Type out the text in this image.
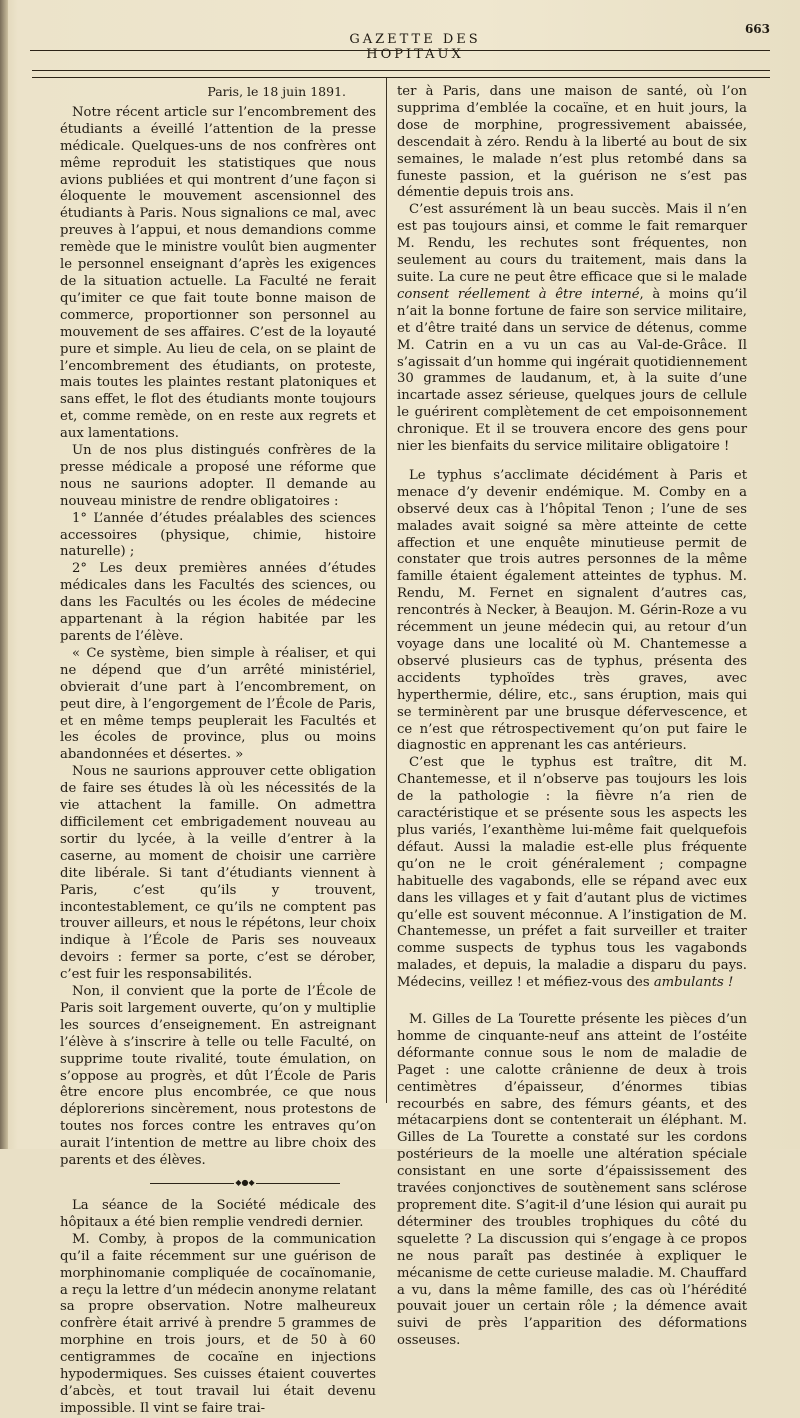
GAZETTE DES HOPITAUX
663

Paris, le 18 juin 1891.

Notre récent article sur l’encombrement des étudiants a éveillé l’attention de la presse médicale. Quelques-uns de nos confrères ont même reproduit les statistiques que nous avions publiées et qui montrent d’une façon si éloquente le mouvement ascensionnel des étudiants à Paris. Nous signalions ce mal, avec preuves à l’appui, et nous demandions comme remède que le ministre voulût bien augmenter le personnel enseignant d’après les exigences de la situation actuelle. La Faculté ne ferait qu’imiter ce que fait toute bonne maison de commerce, proportionner son personnel au mouvement de ses affaires. C’est de la loyauté pure et simple. Au lieu de cela, on se plaint de l’encombrement des étudiants, on proteste, mais toutes les plaintes restant platoniques et sans effet, le flot des étudiants monte toujours et, comme remède, on en reste aux regrets et aux lamentations.

Un de nos plus distingués confrères de la presse médicale a proposé une réforme que nous ne saurions adopter. Il demande au nouveau ministre de rendre obligatoires :

1° L’année d’études préalables des sciences accessoires (physique, chimie, histoire naturelle) ;

2° Les deux premières années d’études médicales dans les Facultés des sciences, ou dans les Facultés ou les écoles de médecine appartenant à la région habitée par les parents de l’élève.

« Ce système, bien simple à réaliser, et qui ne dépend que d’un arrêté ministériel, obvierait d’une part à l’encombrement, on peut dire, à l’engorgement de l’École de Paris, et en même temps peuplerait les Facultés et les écoles de province, plus ou moins abandonnées et désertes. »

Nous ne saurions approuver cette obligation de faire ses études là où les nécessités de la vie attachent la famille. On admettra difficilement cet embrigadement nouveau au sortir du lycée, à la veille d’entrer à la caserne, au moment de choisir une carrière dite libérale. Si tant d’étudiants viennent à Paris, c’est qu’ils y trouvent, incontestablement, ce qu’ils ne comptent pas trouver ailleurs, et nous le répétons, leur choix indique à l’École de Paris ses nouveaux devoirs : fermer sa porte, c’est se dérober, c’est fuir les responsabilités.

Non, il convient que la porte de l’École de Paris soit largement ouverte, qu’on y multiplie les sources d’enseignement. En astreignant l’élève à s’inscrire à telle ou telle Faculté, on supprime toute rivalité, toute émulation, on s’oppose au progrès, et dût l’École de Paris être encore plus encombrée, ce que nous déplorerions sincèrement, nous protestons de toutes nos forces contre les entraves qu’on aurait l’intention de mettre au libre choix des parents et des élèves.

◆●◆

La séance de la Société médicale des hôpitaux a été bien remplie vendredi dernier.

M. Comby, à propos de la communication qu’il a faite récemment sur une guérison de morphinomanie compliquée de cocaïnomanie, a reçu la lettre d’un médecin anonyme relatant sa propre observation. Notre malheureux confrère était arrivé à prendre 5 grammes de morphine en trois jours, et de 50 à 60 centigrammes de cocaïne en injections hypodermiques. Ses cuisses étaient couvertes d’abcès, et tout travail lui était devenu impossible. Il vint se faire trai-

ter à Paris, dans une maison de santé, où l’on supprima d’emblée la cocaïne, et en huit jours, la dose de morphine, progressivement abaissée, descendait à zéro. Rendu à la liberté au bout de six semaines, le malade n’est plus retombé dans sa funeste passion, et la guérison ne s’est pas démentie depuis trois ans.

C’est assurément là un beau succès. Mais il n’en est pas toujours ainsi, et comme le fait remarquer M. Rendu, les rechutes sont fréquentes, non seulement au cours du traitement, mais dans la suite. La cure ne peut être efficace que si le malade consent réellement à être interné, à moins qu’il n’ait la bonne fortune de faire son service militaire, et d’être traité dans un service de détenus, comme M. Catrin en a vu un cas au Val-de-Grâce. Il s’agissait d’un homme qui ingérait quotidiennement 30 grammes de laudanum, et, à la suite d’une incartade assez sérieuse, quelques jours de cellule le guérirent complètement de cet empoisonnement chronique. Et il se trouvera encore des gens pour nier les bienfaits du service militaire obligatoire !

Le typhus s’acclimate décidément à Paris et menace d’y devenir endémique. M. Comby en a observé deux cas à l’hôpital Tenon ; l’une de ses malades avait soigné sa mère atteinte de cette affection et une enquête minutieuse permit de constater que trois autres personnes de la même famille étaient également atteintes de typhus. M. Rendu, M. Fernet en signalent d’autres cas, rencontrés à Necker, à Beaujon. M. Gérin-Roze a vu récemment un jeune médecin qui, au retour d’un voyage dans une localité où M. Chantemesse a observé plusieurs cas de typhus, présenta des accidents typhoïdes très graves, avec hyperthermie, délire, etc., sans éruption, mais qui se terminèrent par une brusque défervescence, et ce n’est que rétrospectivement qu’on put faire le diagnostic en apprenant les cas antérieurs.

C’est que le typhus est traître, dit M. Chantemesse, et il n’observe pas toujours les lois de la pathologie : la fièvre n’a rien de caractéristique et se présente sous les aspects les plus variés, l’exanthème lui-même fait quelquefois défaut. Aussi la maladie est-elle plus fréquente qu’on ne le croit généralement ; compagne habituelle des vagabonds, elle se répand avec eux dans les villages et y fait d’autant plus de victimes qu’elle est souvent méconnue. A l’instigation de M. Chantemesse, un préfet a fait surveiller et traiter comme suspects de typhus tous les vagabonds malades, et depuis, la maladie a disparu du pays. Médecins, veillez ! et méfiez-vous des ambulants !

M. Gilles de La Tourette présente les pièces d’un homme de cinquante-neuf ans atteint de l’ostéite déformante connue sous le nom de maladie de Paget : une calotte crânienne de deux à trois centimètres d’épaisseur, d’énormes tibias recourbés en sabre, des fémurs géants, et des métacarpiens dont se contenterait un éléphant. M. Gilles de La Tourette a constaté sur les cordons postérieurs de la moelle une altération spéciale consistant en une sorte d’épaississement des travées conjonctives de soutènement sans sclérose proprement dite. S’agit-il d’une lésion qui aurait pu déterminer des troubles trophiques du côté du squelette ? La discussion qui s’engage à ce propos ne nous paraît pas destinée à expliquer le mécanisme de cette curieuse maladie. M. Chauffard a vu, dans la même famille, des cas où l’hérédité pouvait jouer un certain rôle ; la démence avait suivi de près l’apparition des déformations osseuses.
